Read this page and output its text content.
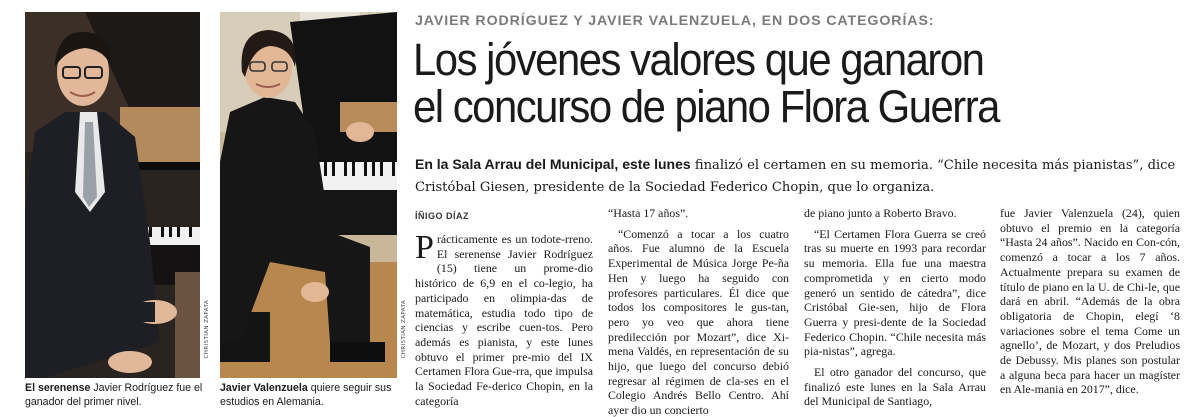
CHRISTIAN ZAPATA	CHRISTIAN ZAPATA
El serenense Javier Rodríguez fue el ganador del primer nivel.
Javier Valenzuela quiere seguir sus estudios en Alemania.
JAVIER RODRÍGUEZ Y JAVIER VALENZUELA, EN DOS CATEGORÍAS:
Los jóvenes valores que ganaron
el concurso de piano Flora Guerra
En la Sala Arrau del Municipal, este lunes finalizó el certamen en su memoria. “Chile necesita más pianistas”, dice Cristóbal Giesen, presidente de la Sociedad Federico Chopin, que lo organiza.
ÍÑIGO DÍAZ

Prácticamente es un todote-rreno. El serenense Javier Rodríguez (15) tiene un prome-dio histórico de 6,9 en el co-legio, ha participado en olimpia-das de matemática, estudia todo tipo de ciencias y escribe cuen-tos. Pero además es pianista, y este lunes obtuvo el primer pre-mio del IX Certamen Flora Gue-rra, que impulsa la Sociedad Fe-derico Chopin, en la categoría

“Hasta 17 años”.

“Comenzó a tocar a los cuatro años. Fue alumno de la Escuela Experimental de Música Jorge Pe-ña Hen y luego ha seguido con profesores particulares. Él dice que todos los compositores le gus-tan, pero yo veo que ahora tiene predilección por Mozart”, dice Xi-mena Valdés, en representación de su hijo, que luego del concurso debió regresar al régimen de cla-ses en el Colegio Andrés Bello Centro. Ahí ayer dio un concierto

de piano junto a Roberto Bravo.

“El Certamen Flora Guerra se creó tras su muerte en 1993 para recordar su memoria. Ella fue una maestra comprometida y en cierto modo generó un sentido de cátedra”, dice Cristóbal Gie-sen, hijo de Flora Guerra y presi-dente de la Sociedad Federico Chopin. “Chile necesita más pia-nistas”, agrega.

El otro ganador del concurso, que finalizó este lunes en la Sala Arrau del Municipal de Santiago,

fue Javier Valenzuela (24), quien obtuvo el premio en la categoría “Hasta 24 años”. Nacido en Con-cón, comenzó a tocar a los 7 años. Actualmente prepara su examen de título de piano en la U. de Chi-le, que dará en abril. “Además de la obra obligatoria de Chopin, elegí ‘8 variaciones sobre el tema Come un agnello’, de Mozart, y dos Preludios de Debussy. Mis planes son postular a alguna beca para hacer un magíster en Ale-mania en 2017”, dice.
